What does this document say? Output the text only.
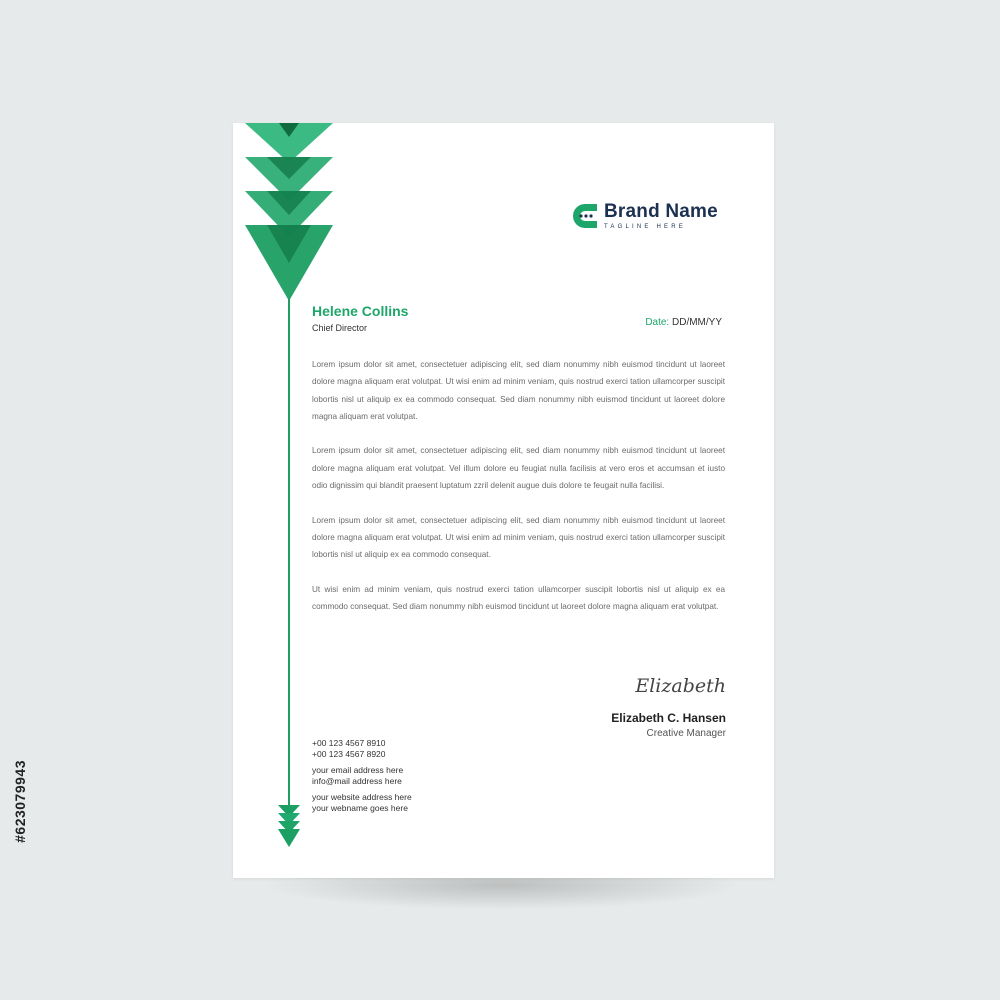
Brand Name
TAGLINE HERE
Helene Collins
Chief Director	Date: DD/MM/YY

Lorem ipsum dolor sit amet, consectetuer adipiscing elit, sed diam nonummy nibh euismod tincidunt ut laoreet dolore magna aliquam erat volutpat. Ut wisi enim ad minim veniam, quis nostrud exerci tation ullamcorper suscipit lobortis nisl ut aliquip ex ea commodo consequat. Sed diam nonummy nibh euismod tincidunt ut laoreet dolore magna aliquam erat volutpat.

Lorem ipsum dolor sit amet, consectetuer adipiscing elit, sed diam nonummy nibh euismod tincidunt ut laoreet dolore magna aliquam erat volutpat. Vel illum dolore eu feugiat nulla facilisis at vero eros et accumsan et iusto odio dignissim qui blandit praesent luptatum zzril delenit augue duis dolore te feugait nulla facilisi.

Lorem ipsum dolor sit amet, consectetuer adipiscing elit, sed diam nonummy nibh euismod tincidunt ut laoreet dolore magna aliquam erat volutpat. Ut wisi enim ad minim veniam, quis nostrud exerci tation ullamcorper suscipit lobortis nisl ut aliquip ex ea commodo consequat.

Ut wisi enim ad minim veniam, quis nostrud exerci tation ullamcorper suscipit lobortis nisl ut aliquip ex ea commodo consequat. Sed diam nonummy nibh euismod tincidunt ut laoreet dolore magna aliquam erat volutpat.

Elizabeth
Elizabeth C. Hansen
Creative Manager
+00 123 4567 8910
+00 123 4567 8920
your email address here
info@mail address here
your website address here
your webname goes here
#623079943
